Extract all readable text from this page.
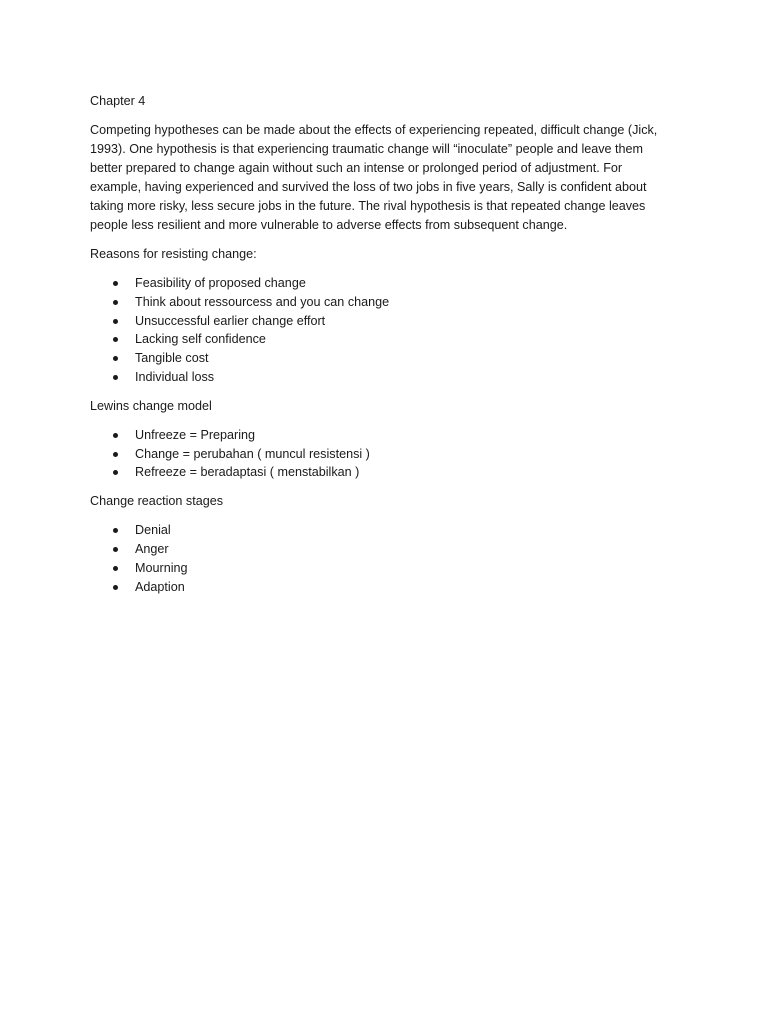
Chapter 4
Competing hypotheses can be made about the effects of experiencing repeated, difficult change (Jick,
1993). One hypothesis is that experiencing traumatic change will “inoculate” people and leave them
better prepared to change again without such an intense or prolonged period of adjustment. For
example, having experienced and survived the loss of two jobs in five years, Sally is confident about
taking more risky, less secure jobs in the future. The rival hypothesis is that repeated change leaves
people less resilient and more vulnerable to adverse effects from subsequent change.
Reasons for resisting change:
Feasibility of proposed change
Think about ressourcess and you can change
Unsuccessful earlier change effort
Lacking self confidence
Tangible cost
Individual loss
Lewins change model
Unfreeze = Preparing
Change = perubahan ( muncul resistensi )
Refreeze = beradaptasi ( menstabilkan )
Change reaction stages
Denial
Anger
Mourning
Adaption
